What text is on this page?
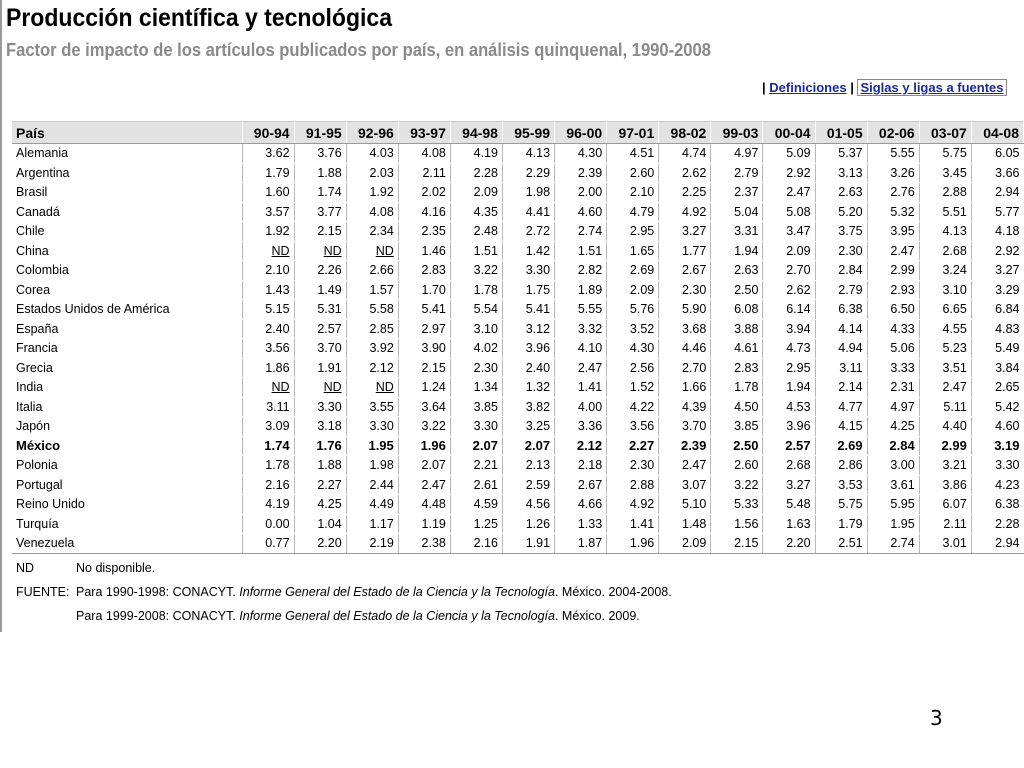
Producción científica y tecnológica
Factor de impacto de los artículos publicados por país, en análisis quinquenal, 1990-2008
| Definiciones | Siglas y ligas a fuentes
País	90-94	91-95	92-96	93-97	94-98	95-99	96-00	97-01	98-02	99-03	00-04	01-05	02-06	03-07	04-08
Alemania	3.62	3.76	4.03	4.08	4.19	4.13	4.30	4.51	4.74	4.97	5.09	5.37	5.55	5.75	6.05
Argentina	1.79	1.88	2.03	2.11	2.28	2.29	2.39	2.60	2.62	2.79	2.92	3.13	3.26	3.45	3.66
Brasil	1.60	1.74	1.92	2.02	2.09	1.98	2.00	2.10	2.25	2.37	2.47	2.63	2.76	2.88	2.94
Canadá	3.57	3.77	4.08	4.16	4.35	4.41	4.60	4.79	4.92	5.04	5.08	5.20	5.32	5.51	5.77
Chile	1.92	2.15	2.34	2.35	2.48	2.72	2.74	2.95	3.27	3.31	3.47	3.75	3.95	4.13	4.18
China	ND	ND	ND	1.46	1.51	1.42	1.51	1.65	1.77	1.94	2.09	2.30	2.47	2.68	2.92
Colombia	2.10	2.26	2.66	2.83	3.22	3.30	2.82	2.69	2.67	2.63	2.70	2.84	2.99	3.24	3.27
Corea	1.43	1.49	1.57	1.70	1.78	1.75	1.89	2.09	2.30	2.50	2.62	2.79	2.93	3.10	3.29
Estados Unidos de América	5.15	5.31	5.58	5.41	5.54	5.41	5.55	5.76	5.90	6.08	6.14	6.38	6.50	6.65	6.84
España	2.40	2.57	2.85	2.97	3.10	3.12	3.32	3.52	3.68	3.88	3.94	4.14	4.33	4.55	4.83
Francia	3.56	3.70	3.92	3.90	4.02	3.96	4.10	4.30	4.46	4.61	4.73	4.94	5.06	5.23	5.49
Grecia	1.86	1.91	2.12	2.15	2.30	2.40	2.47	2.56	2.70	2.83	2.95	3.11	3.33	3.51	3.84
India	ND	ND	ND	1.24	1.34	1.32	1.41	1.52	1.66	1.78	1.94	2.14	2.31	2.47	2.65
Italia	3.11	3.30	3.55	3.64	3.85	3.82	4.00	4.22	4.39	4.50	4.53	4.77	4.97	5.11	5.42
Japón	3.09	3.18	3.30	3.22	3.30	3.25	3.36	3.56	3.70	3.85	3.96	4.15	4.25	4.40	4.60
México	1.74	1.76	1.95	1.96	2.07	2.07	2.12	2.27	2.39	2.50	2.57	2.69	2.84	2.99	3.19
Polonia	1.78	1.88	1.98	2.07	2.21	2.13	2.18	2.30	2.47	2.60	2.68	2.86	3.00	3.21	3.30
Portugal	2.16	2.27	2.44	2.47	2.61	2.59	2.67	2.88	3.07	3.22	3.27	3.53	3.61	3.86	4.23
Reino Unido	4.19	4.25	4.49	4.48	4.59	4.56	4.66	4.92	5.10	5.33	5.48	5.75	5.95	6.07	6.38
Turquía	0.00	1.04	1.17	1.19	1.25	1.26	1.33	1.41	1.48	1.56	1.63	1.79	1.95	2.11	2.28
Venezuela	0.77	2.20	2.19	2.38	2.16	1.91	1.87	1.96	2.09	2.15	2.20	2.51	2.74	3.01	2.94
ND	No disponible.
FUENTE: Para 1990-1998: CONACYT. Informe General del Estado de la Ciencia y la Tecnología. México. 2004-2008.
Para 1999-2008: CONACYT. Informe General del Estado de la Ciencia y la Tecnología. México. 2009.
3
